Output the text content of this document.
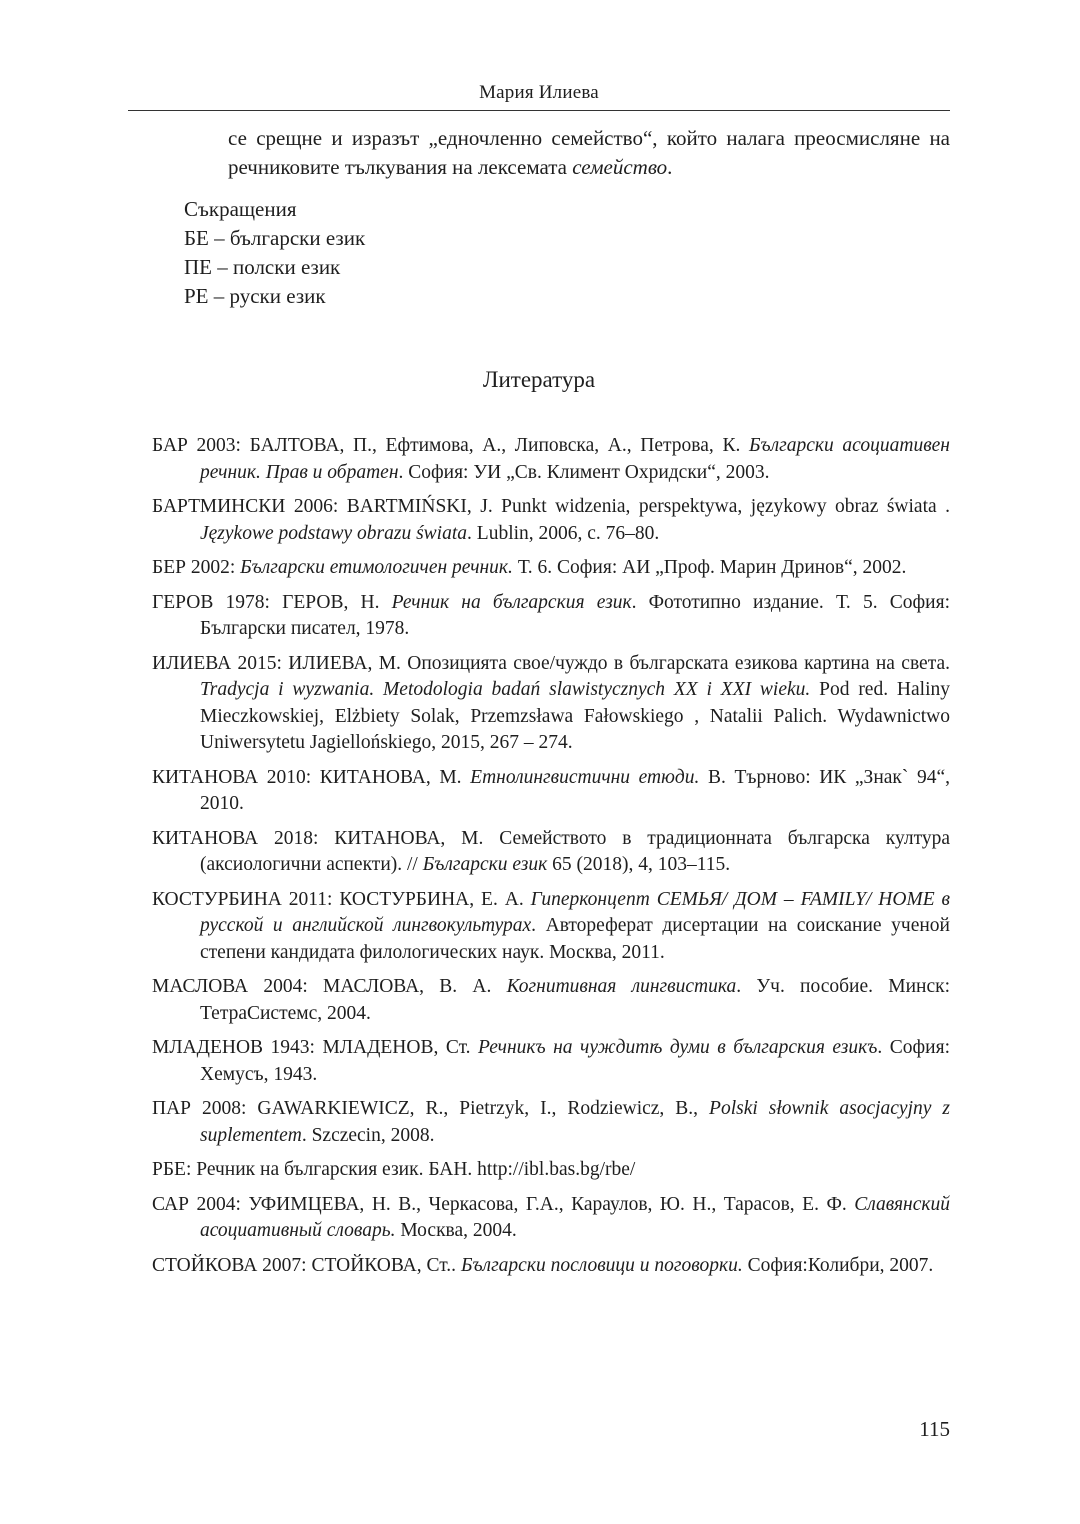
Мария Илиева

се срещне и изразът „едночленно семейство“, който налага преосмисляне на речниковите тълкувания на лексемата семейство.

Съкращения
БЕ – български език
ПЕ – полски език
РЕ – руски език
Литература
БАР 2003: БАЛТОВА, П., Ефтимова, А., Липовска, А., Петрова, К. Български асоциативен речник. Прав и обратен. София: УИ „Св. Климент Охридски“, 2003.
БАРТМИНСКИ 2006: BARTMIŃSKI, J. Punkt widzenia, perspektywa, językowy obraz świata . Językowe podstawy obrazu świata. Lublin, 2006, с. 76–80.
БЕР 2002: Български етимологичен речник. Т. 6. София: АИ „Проф. Марин Дринов“, 2002.
ГЕРОВ 1978: ГЕРОВ, Н. Речник на българския език. Фототипно издание. Т. 5. София: Български писател, 1978.
ИЛИЕВА 2015: ИЛИЕВА, М. Опозицията свое/чуждо в българската езикова картина на света. Tradycja i wyzwania. Metodologia badań slawistycznych XX i XXI wieku. Pod red. Haliny Mieczkowskiej, Elżbiety Solak, Przemzsława Fałowskiego , Natalii Palich. Wydawnictwo Uniwersytetu Jagiellońskiego, 2015, 267 – 274.
КИТАНОВА 2010: КИТАНОВА, М. Етнолингвистични етюди. В. Търново: ИК „Знак` 94“, 2010.
КИТАНОВА 2018: КИТАНОВА, М. Семейството в традиционната българска култура (аксиологични аспекти). // Български език 65 (2018), 4, 103–115.
КОСТУРБИНА 2011: КОСТУРБИНА, Е. А. Гиперконцепт СЕМЬЯ/ ДОМ – FAMILY/ HOME в русской и английской лингвокультурах. Автореферат дисертации на соискание ученой степени кандидата филологических наук. Москва, 2011.
МАСЛОВА 2004: МАСЛОВА, В. А. Когнитивная лингвистика. Уч. пособие. Минск: ТетраСистемс, 2004.
МЛАДЕНОВ 1943: МЛАДЕНОВ, Ст. Речникъ на чуждитѣ думи в българския езикъ. София: Хемусъ, 1943.
ПАР 2008: GAWARKIEWICZ, R., Pietrzyk, I., Rodziewicz, B., Polski słownik asocjacyjny z suplementem. Szczecin, 2008.
РБЕ: Речник на българския език. БАН. http://ibl.bas.bg/rbe/
САР 2004: УФИМЦЕВА, Н. В., Черкасова, Г.А., Караулов, Ю. Н., Тарасов, Е. Ф. Славянский асоциативный словарь. Москва, 2004.
СТОЙКОВА 2007: СТОЙКОВА, Ст.. Български пословици и поговорки. София:Колибри, 2007.
115
